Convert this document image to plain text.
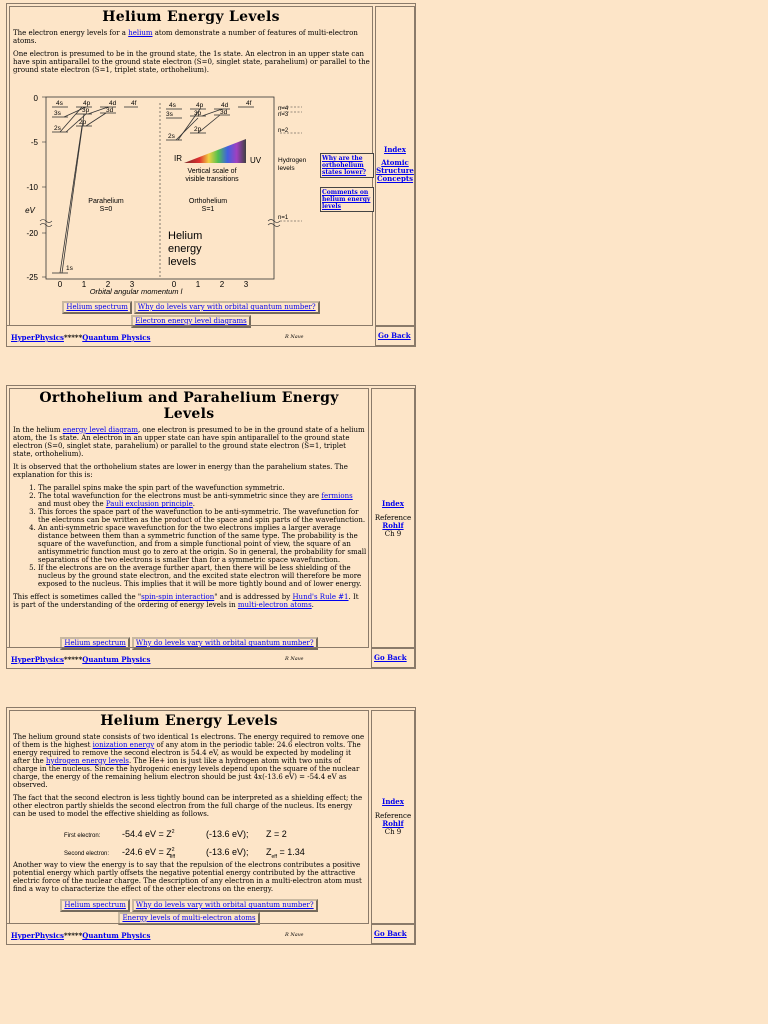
Helium Energy Levels

The electron energy levels for a helium atom demonstrate a number of features of multi-electron atoms.

One electron is presumed to be in the ground state, the 1s state. An electron in an upper state can have spin antiparallel to the ground state electron (S=0, singlet state, parahelium) or parallel to the ground state electron (S=1, triplet state, orthohelium).

0
-5
-10
-20
-25
eV
n=4
n=3
n=2
n=1
Hydrogen
levels
4s	4p	4d 4f
3s	3p	3d
2s
2p
1s
4s	4p	4d	4f
3s	3p	3d
2s
2p
IR	UV
Vertical scale of
visible transitions
Parahelium
S=0
Orthohelium
S=1
Helium
energy
levels
0 1 2 3	0 1 2 3
Orbital angular momentum l
Why are the orthohelium states lower?
Comments on helium energy levels
Helium spectrum Why do levels vary with orbital quantum number?
Electron energy level diagrams
Index
Atomic Structure Concepts
HyperPhysics*****Quantum Physics	R Nave	Go Back
Orthohelium and Parahelium Energy
Levels

In the helium energy level diagram, one electron is presumed to be in the ground state of a helium atom, the 1s state. An electron in an upper state can have spin antiparallel to the ground state electron (S=0, singlet state, parahelium) or parallel to the ground state electron (S=1, triplet state, orthohelium).

It is observed that the orthohelium states are lower in energy than the parahelium states. The explanation for this is:

1. The parallel spins make the spin part of the wavefunction symmetric.
2. The total wavefunction for the electrons must be anti-symmetric since they are fermions and must obey the Pauli exclusion principle.
3. This forces the space part of the wavefunction to be anti-symmetric. The wavefunction for the electrons can be written as the product of the space and spin parts of the wavefunction.
4. An anti-symmetric space wavefunction for the two electrons implies a larger average distance between them than a symmetric function of the same type. The probability is the square of the wavefunction, and from a simple functional point of view, the square of an antisymmetric function must go to zero at the origin. So in general, the probability for small separations of the two electrons is smaller than for a symmetric space wavefunction.
5. If the electrons are on the average further apart, then there will be less shielding of the nucleus by the ground state electron, and the excited state electron will therefore be more exposed to the nucleus. This implies that it will be more tightly bound and of lower energy.

This effect is sometimes called the "spin-spin interaction" and is addressed by Hund's Rule #1. It is part of the understanding of the ordering of energy levels in multi-electron atoms.

Helium spectrum Why do levels vary with orbital quantum number?
Index
Reference
Rohlf
Ch 9
HyperPhysics*****Quantum Physics	R Nave	Go Back
Helium Energy Levels

The helium ground state consists of two identical 1s electrons. The energy required to remove one of them is the highest ionization energy of any atom in the periodic table: 24.6 electron volts. The energy required to remove the second electron is 54.4 eV, as would be expected by modeling it after the hydrogen energy levels. The He+ ion is just like a hydrogen atom with two units of charge in the nucleus. Since the hydrogenic energy levels depend upon the square of the nuclear charge, the energy of the remaining helium electron should be just 4x(-13.6 eV) = -54.4 eV as observed.

The fact that the second electron is less tightly bound can be interpreted as a shielding effect; the other electron partly shields the second electron from the full charge of the nucleus. Its energy can be used to model the effective shielding as follows.

First electron: -54.4 eV = $Z^2$	(-13.6 eV); Z = 2
Second electron: -24.6 eV = $Z^2_{eff}$	(-13.6 eV); $Z_{eff} = 1.34$

Another way to view the energy is to say that the repulsion of the electrons contributes a positive potential energy which partly offsets the negative potential energy contributed by the attractive electric force of the nuclear charge. The description of any electron in a multi-electron atom must find a way to characterize the effect of the other electrons on the energy.

Helium spectrum Why do levels vary with orbital quantum number?
Energy levels of multi-electron atoms
Index
Reference
Rohlf
Ch 9
HyperPhysics*****Quantum Physics	R Nave	Go Back
